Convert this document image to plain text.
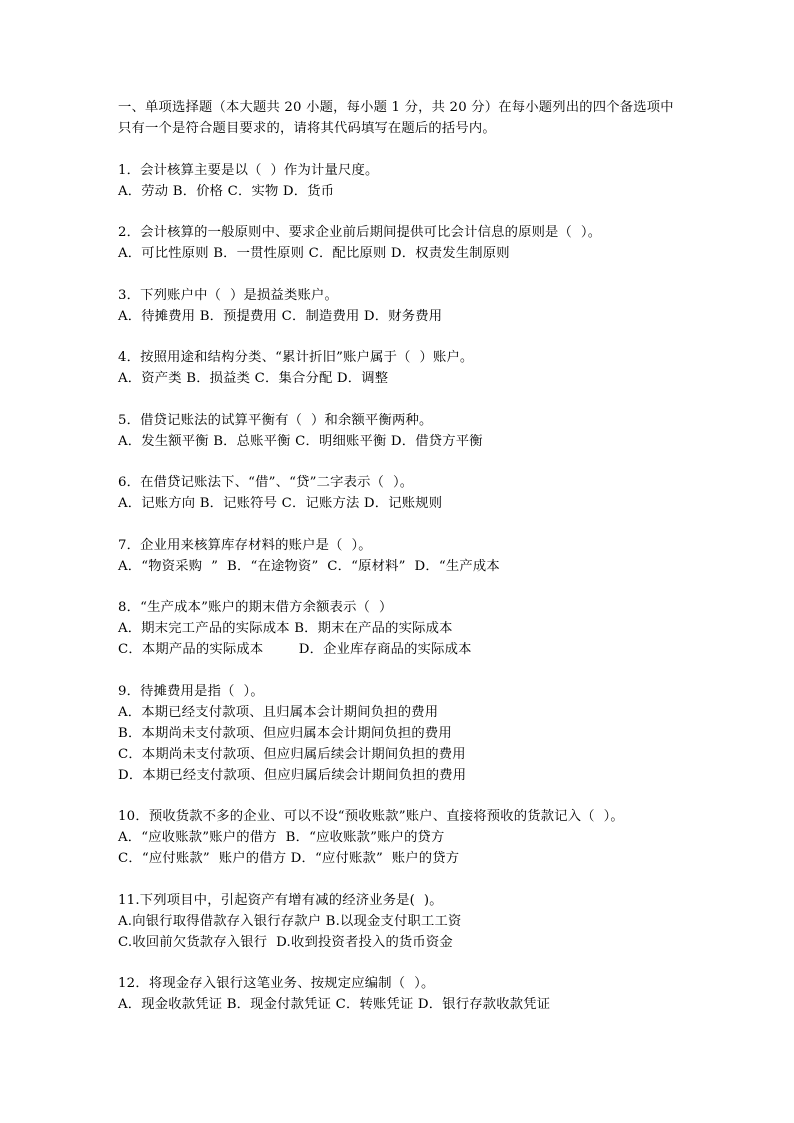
一、单项选择题（本大题共 20 小题，每小题 1 分，共 20 分）在每小题列出的四个备选项中
只有一个是符合题目要求的，请将其代码填写在题后的括号内。
1．会计核算主要是以（  ）作为计量尺度。
A．劳动 B．价格 C．实物 D．货币
2．会计核算的一般原则中、要求企业前后期间提供可比会计信息的原则是（  ）。
A．可比性原则 B．一贯性原则 C．配比原则 D．权责发生制原则
3．下列账户中（  ）是损益类账户。
A．待摊费用 B．预提费用 C．制造费用 D．财务费用
4．按照用途和结构分类、“累计折旧”账户属于（  ）账户。
A．资产类 B．损益类 C．集合分配 D．调整
5．借贷记账法的试算平衡有（  ）和余额平衡两种。
A．发生额平衡 B．总账平衡 C．明细账平衡 D．借贷方平衡
6．在借贷记账法下、“借”、“贷”二字表示（  ）。
A．记账方向 B．记账符号 C．记账方法 D．记账规则
7．企业用来核算库存材料的账户是（  ）。
A．“物资采购  ”  B．“在途物资”  C．“原材料”  D．“生产成本
8．“生产成本”账户的期末借方余额表示（  ）
A．期末完工产品的实际成本 B．期末在产品的实际成本
C．本期产品的实际成本        D．企业库存商品的实际成本
9．待摊费用是指（  ）。
A．本期已经支付款项、且归属本会计期间负担的费用
B．本期尚未支付款项、但应归属本会计期间负担的费用
C．本期尚未支付款项、但应归属后续会计期间负担的费用
D．本期已经支付款项、但应归属后续会计期间负担的费用
10．预收货款不多的企业、可以不设“预收账款”账户、直接将预收的货款记入（  ）。
A．“应收账款”账户的借方  B．“应收账款”账户的贷方
C．“应付账款”  账户的借方 D．“应付账款”  账户的贷方
11.下列项目中，引起资产有增有减的经济业务是(  )。
A.向银行取得借款存入银行存款户 B.以现金支付职工工资
C.收回前欠货款存入银行  D.收到投资者投入的货币资金
12．将现金存入银行这笔业务、按规定应编制（  ）。
A．现金收款凭证 B．现金付款凭证 C．转账凭证 D．银行存款收款凭证
